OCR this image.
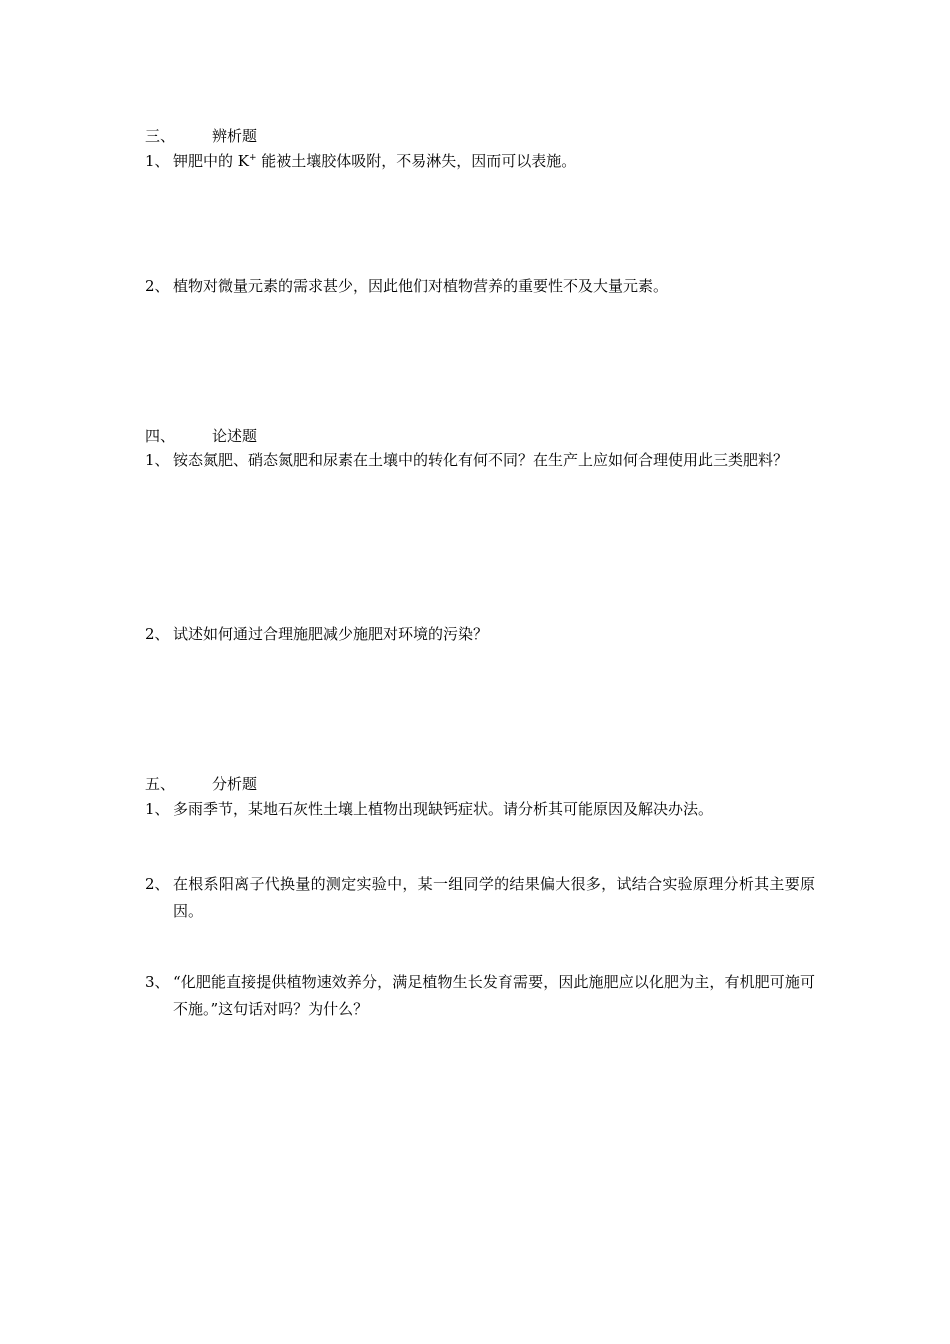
三、 辨析题
1、 钾肥中的 K+ 能被土壤胶体吸附，不易淋失，因而可以表施。
2、 植物对微量元素的需求甚少，因此他们对植物营养的重要性不及大量元素。
四、 论述题
1、 铵态氮肥、硝态氮肥和尿素在土壤中的转化有何不同？在生产上应如何合理使用此三类肥料？
2、 试述如何通过合理施肥减少施肥对环境的污染？
五、 分析题
1、 多雨季节，某地石灰性土壤上植物出现缺钙症状。请分析其可能原因及解决办法。
2、 在根系阳离子代换量的测定实验中，某一组同学的结果偏大很多，试结合实验原理分析其主要原因。
3、 “化肥能直接提供植物速效养分，满足植物生长发育需要，因此施肥应以化肥为主，有机肥可施可不施。”这句话对吗？为什么？
